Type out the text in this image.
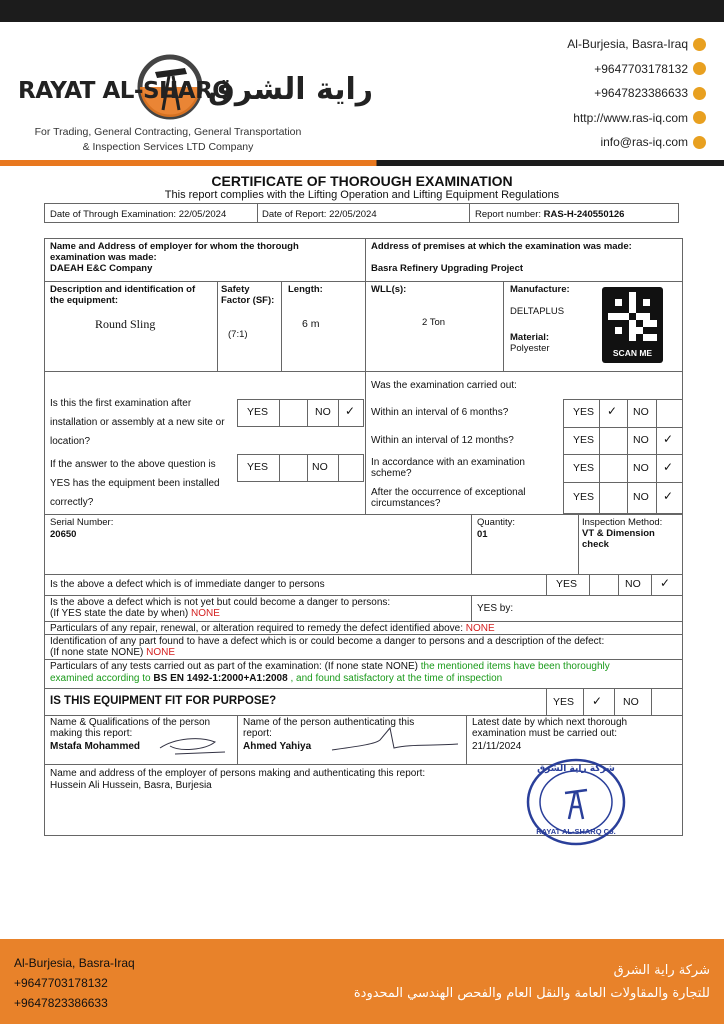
RAYAT AL-SHARQ
راية الشرق
For Trading, General Contracting, General Transportation
& Inspection Services LTD Company
Al-Burjesia, Basra-Iraq
+9647703178132
+9647823386633
http://www.ras-iq.com
info@ras-iq.com
CERTIFICATE OF THOROUGH EXAMINATION
This report complies with the Lifting Operation and Lifting Equipment Regulations
Date of Through Examination: 22/05/2024	Date of Report: 22/05/2024	Report number: RAS-H-240550126
Name and Address of employer for whom the thorough examination was made:
DAEAH E&C Company
Address of premises at which the examination was made:
Basra Refinery Upgrading Project
Description and identification of the equipment:
Round Sling
Safety Factor (SF):
(7:1)
Length:
6 m
WLL(s):
2 Ton
Manufacture:
DELTAPLUS
Material:
Polyester	SCAN ME
Is this the first examination after installation or assembly at a new site or location?
If the answer to the above question is YES has the equipment been installed correctly?
YES	NO ✓
YES	NO
Was the examination carried out:
Within an interval of 6 months?	YES ✓ NO
Within an interval of 12 months?	YES	NO ✓
In accordance with an examination scheme?	YES	NO ✓
After the occurrence of exceptional circumstances?
YES	NO ✓
Serial Number:
20650
Quantity:
01
Inspection Method:
VT & Dimension check
Is the above a defect which is of immediate danger to persons	YES	NO ✓
Is the above a defect which is not yet but could become a danger to persons:
(If YES state the date by when) NONE	YES by:
Particulars of any repair, renewal, or alteration required to remedy the defect identified above: NONE
Identification of any part found to have a defect which is or could become a danger to persons and a description of the defect:
(If none state NONE) NONE
Particulars of any tests carried out as part of the examination: (If none state NONE) the mentioned items have been thoroughly
examined according to BS EN 1492-1:2000+A1:2008 , and found satisfactory at the time of inspection
IS THIS EQUIPMENT FIT FOR PURPOSE?	YES ✓ NO
Name & Qualifications of the person making this report:
Mstafa Mohammed
Name of the person authenticating this report:
Ahmed Yahiya
Latest date by which next thorough examination must be carried out:
21/11/2024
Name and address of the employer of persons making and authenticating this report:
Hussein Ali Hussein, Basra, Burjesia
شركة راية الشرق
RAYAT AL-SHARQ Co.
Al-Burjesia, Basra-Iraq
+9647703178132
+9647823386633
شركة راية الشرق
للتجارة والمقاولات العامة والنقل العام والفحص الهندسي المحدودة
